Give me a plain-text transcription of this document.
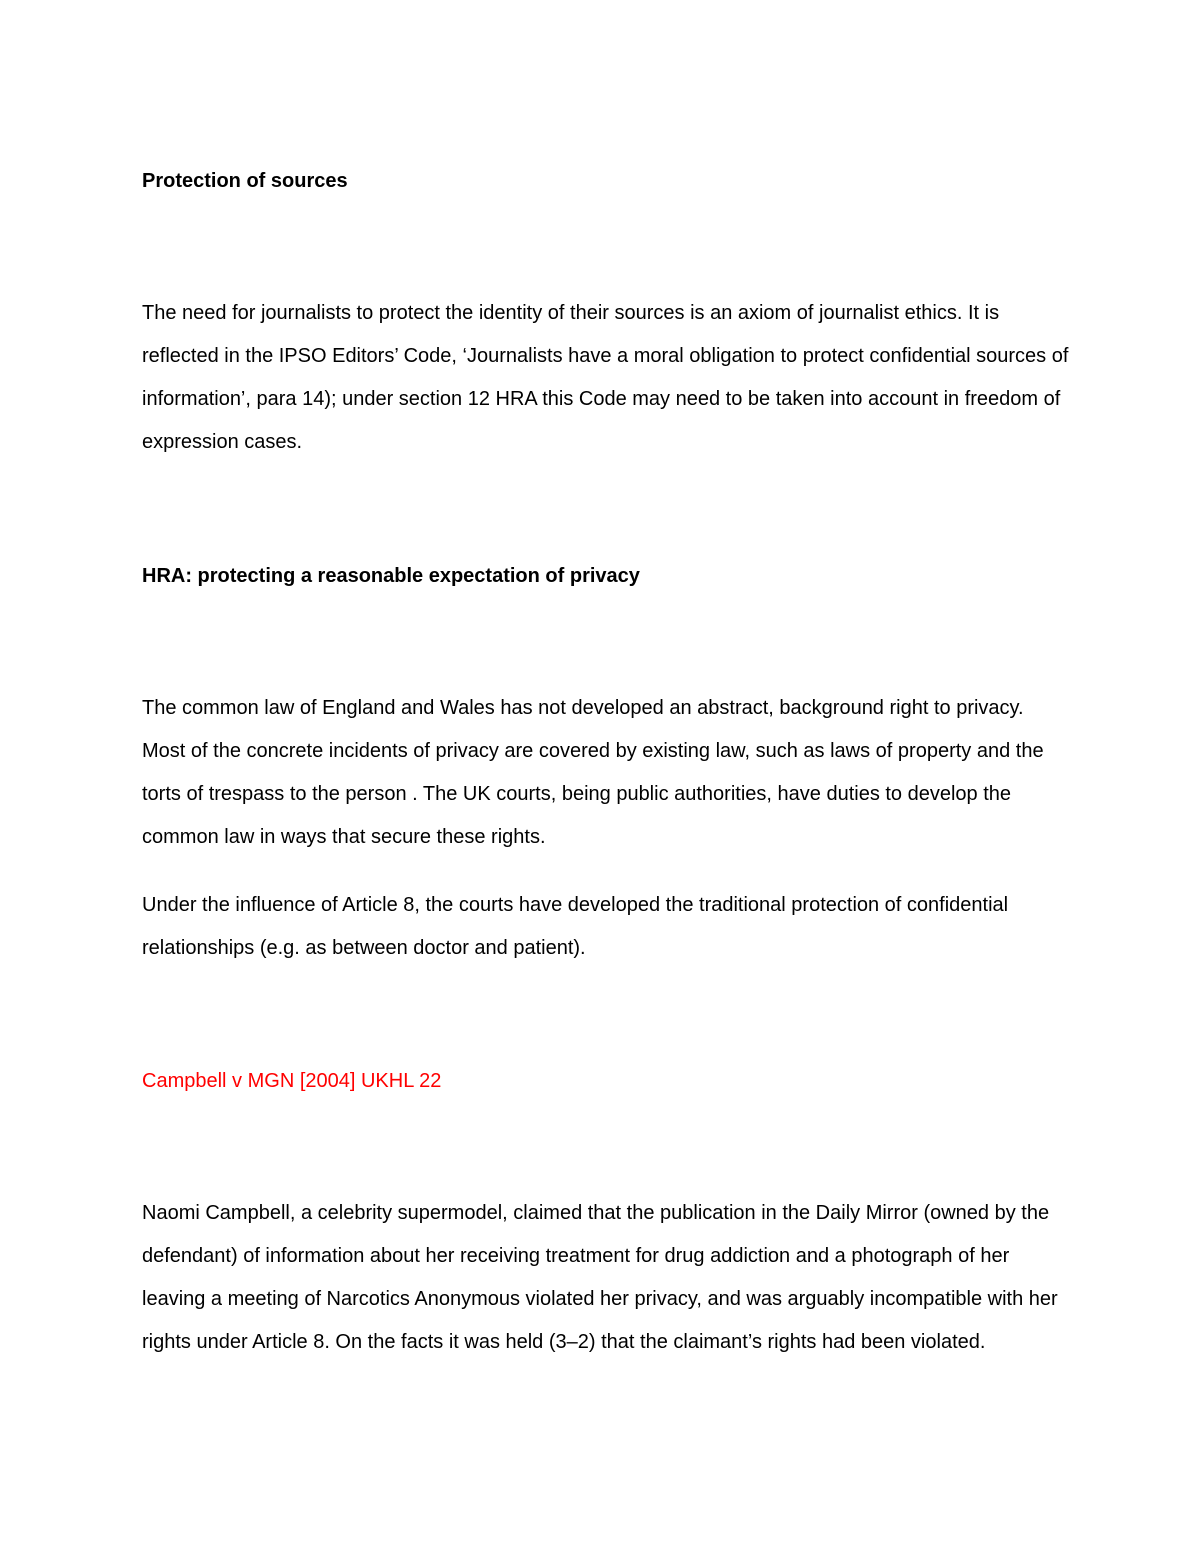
Protection of sources

The need for journalists to protect the identity of their sources is an axiom of journalist ethics. It is reflected in the IPSO Editors’ Code, ‘Journalists have a moral obligation to protect confidential sources of information’, para 14); under section 12 HRA this Code may need to be taken into account in freedom of expression cases.

HRA: protecting a reasonable expectation of privacy

The common law of England and Wales has not developed an abstract, background right to privacy. Most of the concrete incidents of privacy are covered by existing law, such as laws of property and the torts of trespass to the person . The UK courts, being public authorities, have duties to develop the common law in ways that secure these rights.

Under the influence of Article 8, the courts have developed the traditional protection of confidential relationships (e.g. as between doctor and patient).

Campbell v MGN [2004] UKHL 22

Naomi Campbell, a celebrity supermodel, claimed that the publication in the Daily Mirror (owned by the defendant) of information about her receiving treatment for drug addiction and a photograph of her leaving a meeting of Narcotics Anonymous violated her privacy, and was arguably incompatible with her rights under Article 8. On the facts it was held (3–2) that the claimant’s rights had been violated.
